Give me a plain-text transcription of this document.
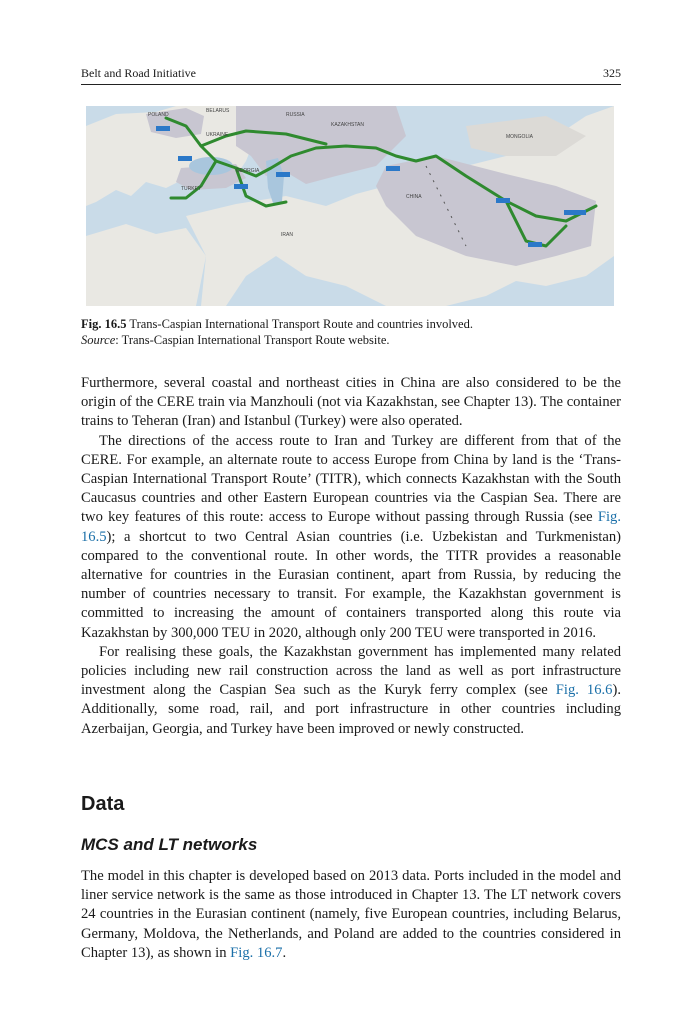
Belt and Road Initiative	325
POLAND
BELARUS
KAZAKHSTAN
UKRAINE
GEORGIA
TURKEY
CHINA
MONGOLIA
IRAN
RUSSIA
Fig. 16.5 Trans-Caspian International Transport Route and countries involved.
Source: Trans-Caspian International Transport Route website.

Furthermore, several coastal and northeast cities in China are also considered to be the origin of the CERE train via Manzhouli (not via Kazakhstan, see Chapter 13). The container trains to Teheran (Iran) and Istanbul (Turkey) were also operated.

The directions of the access route to Iran and Turkey are different from that of the CERE. For example, an alternate route to access Europe from China by land is the ‘Trans-Caspian International Transport Route’ (TITR), which connects Kazakhstan with the South Caucasus countries and other Eastern European countries via the Caspian Sea. There are two key features of this route: access to Europe without passing through Russia (see Fig. 16.5); a shortcut to two Central Asian countries (i.e. Uzbekistan and Turkmenistan) compared to the conventional route. In other words, the TITR provides a reasonable alternative for countries in the Eurasian continent, apart from Russia, by reducing the number of countries necessary to transit. For example, the Kazakhstan government is committed to increasing the amount of containers transported along this route via Kazakhstan by 300,000 TEU in 2020, although only 200 TEU were transported in 2016.

For realising these goals, the Kazakhstan government has implemented many related policies including new rail construction across the land as well as port infrastructure investment along the Caspian Sea such as the Kuryk ferry complex (see Fig. 16.6). Additionally, some road, rail, and port infrastructure in other countries including Azerbaijan, Georgia, and Turkey have been improved or newly constructed.

Data
MCS and LT networks

The model in this chapter is developed based on 2013 data. Ports included in the model and liner service network is the same as those introduced in Chapter 13. The LT network covers 24 countries in the Eurasian continent (namely, five European countries, including Belarus, Germany, Moldova, the Netherlands, and Poland are added to the countries considered in Chapter 13), as shown in Fig. 16.7.
